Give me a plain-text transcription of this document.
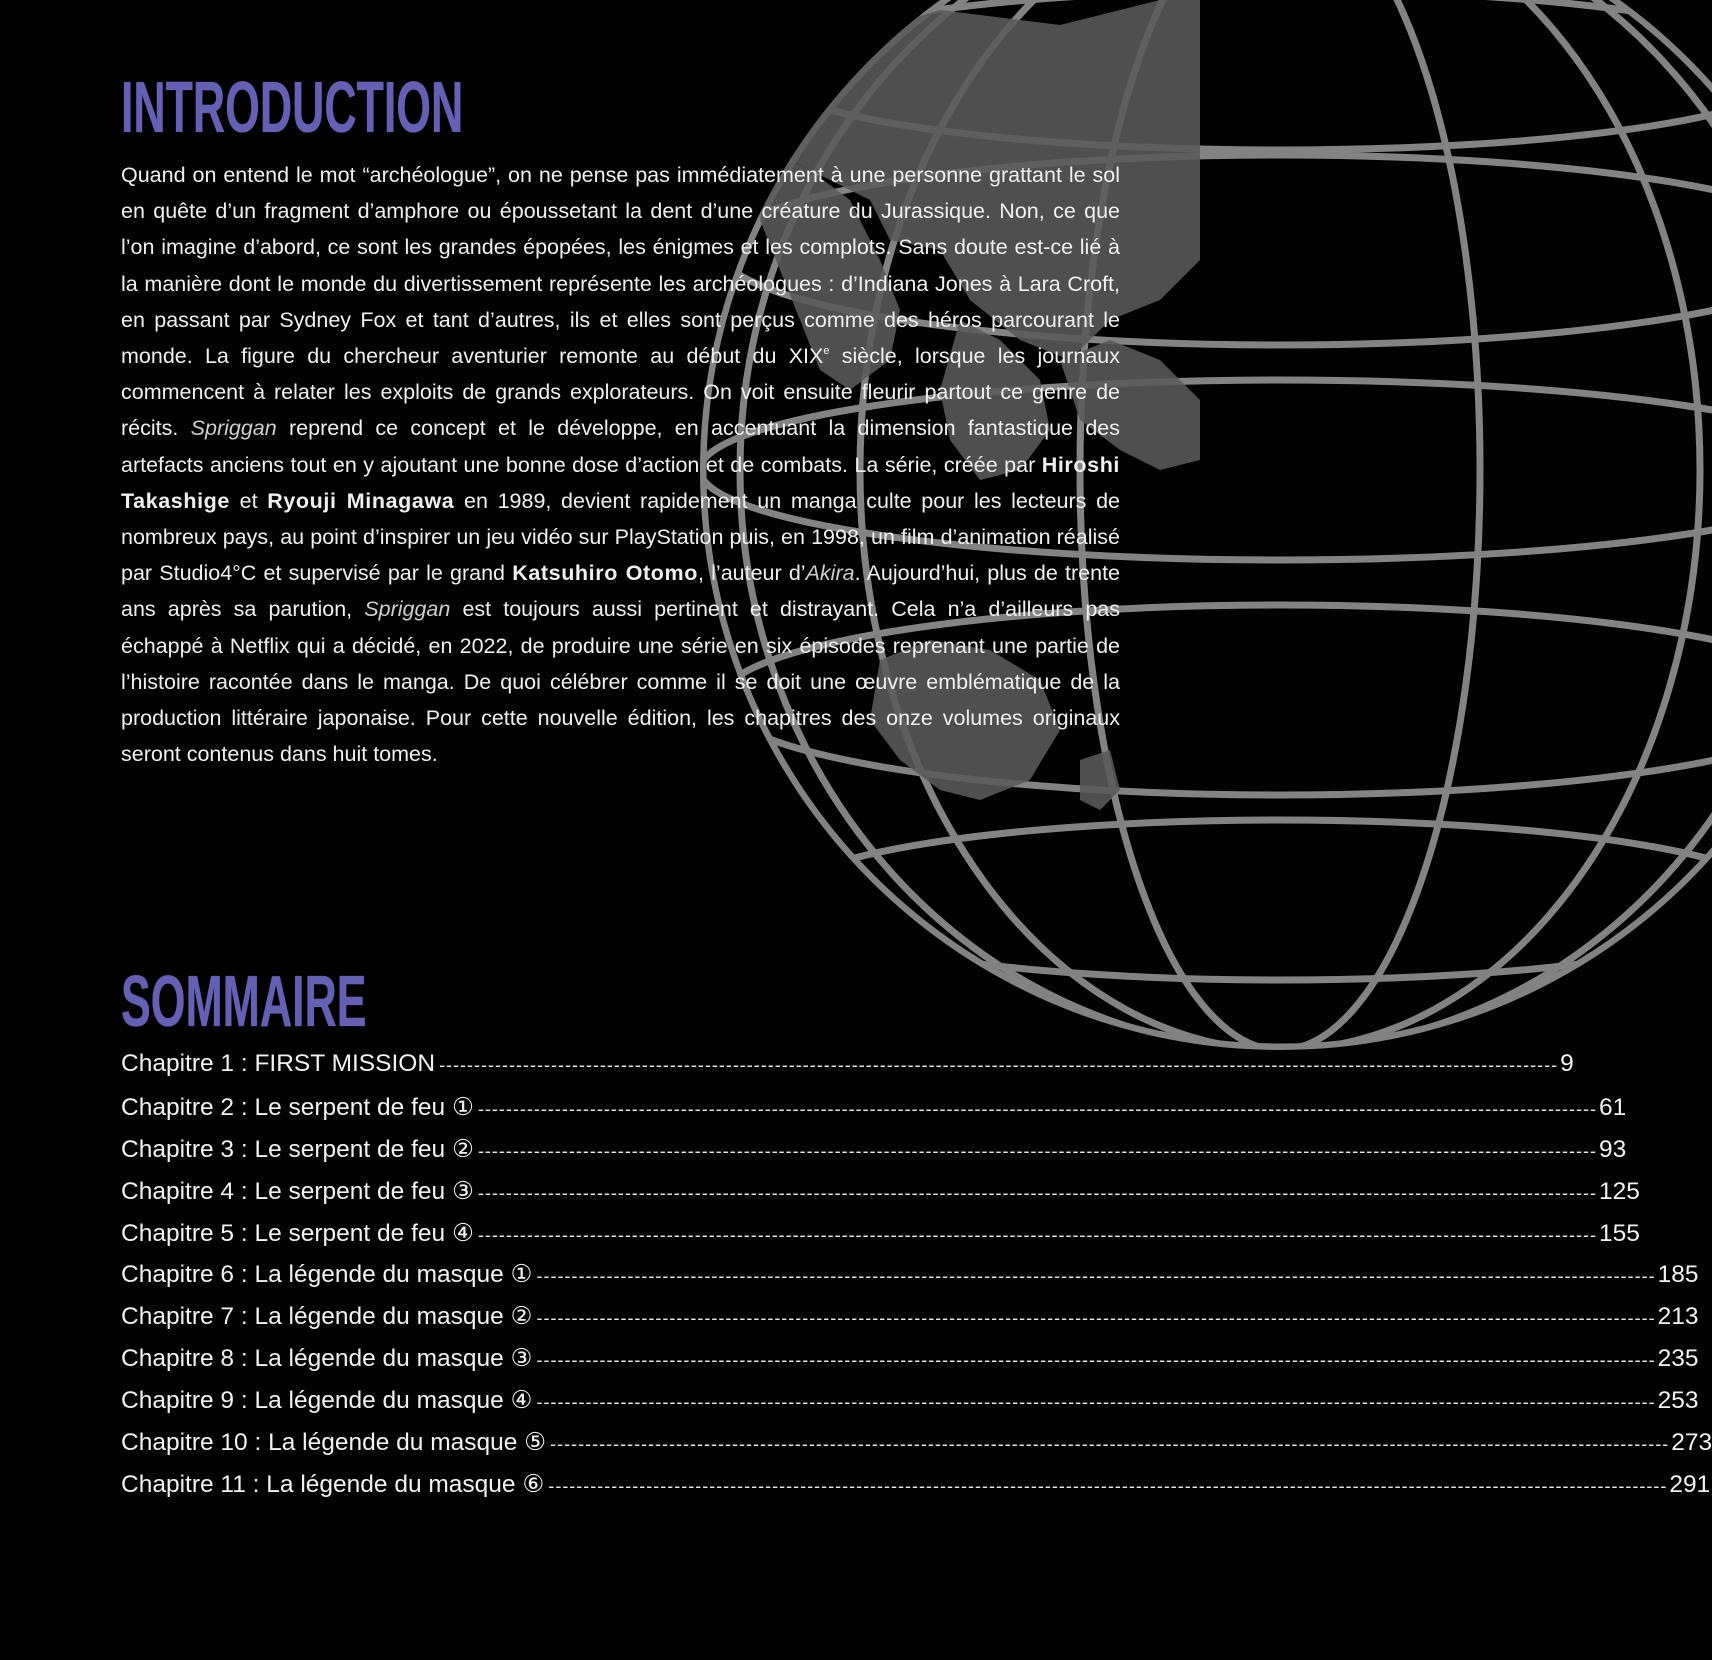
INTRODUCTION

Quand on entend le mot “archéologue”, on ne pense pas immédiatement à une personne grattant le sol en quête d’un fragment d’amphore ou époussetant la dent d’une créature du Jurassique. Non, ce que l’on imagine d’abord, ce sont les grandes épopées, les énigmes et les complots. Sans doute est-ce lié à la manière dont le monde du divertissement représente les archéologues : d’Indiana Jones à Lara Croft, en passant par Sydney Fox et tant d’autres, ils et elles sont perçus comme des héros parcourant le monde. La figure du chercheur aventurier remonte au début du XIXe siècle, lorsque les journaux commencent à relater les exploits de grands explorateurs. On voit ensuite fleurir partout ce genre de récits. Spriggan reprend ce concept et le développe, en accentuant la dimension fantastique des artefacts anciens tout en y ajoutant une bonne dose d’action et de combats. La série, créée par Hiroshi Takashige et Ryouji Minagawa en 1989, devient rapidement un manga culte pour les lecteurs de nombreux pays, au point d’inspirer un jeu vidéo sur PlayStation puis, en 1998, un film d’animation réalisé par Studio4°C et supervisé par le grand Katsuhiro Otomo, l’auteur d’Akira. Aujourd’hui, plus de trente ans après sa parution, Spriggan est toujours aussi pertinent et distrayant. Cela n’a d’ailleurs pas échappé à Netflix qui a décidé, en 2022, de produire une série en six épisodes reprenant une partie de l’histoire racontée dans le manga. De quoi célébrer comme il se doit une œuvre emblématique de la production littéraire japonaise. Pour cette nouvelle édition, les chapitres des onze volumes originaux seront contenus dans huit tomes.

SOMMAIRE
Chapitre 1 : FIRST MISSION ---------------------------------------------------------------------------------------------------------------------------------------------------------------- 9
Chapitre 2 : Le serpent de feu ① ---------------------------------------------------------------------------------------------------------------------------------------------------------------- 61
Chapitre 3 : Le serpent de feu ② ---------------------------------------------------------------------------------------------------------------------------------------------------------------- 93
Chapitre 4 : Le serpent de feu ③ ---------------------------------------------------------------------------------------------------------------------------------------------------------------- 125
Chapitre 5 : Le serpent de feu ④ ---------------------------------------------------------------------------------------------------------------------------------------------------------------- 155
Chapitre 6 : La légende du masque ① ---------------------------------------------------------------------------------------------------------------------------------------------------------------- 185
Chapitre 7 : La légende du masque ② ---------------------------------------------------------------------------------------------------------------------------------------------------------------- 213
Chapitre 8 : La légende du masque ③ ---------------------------------------------------------------------------------------------------------------------------------------------------------------- 235
Chapitre 9 : La légende du masque ④ ---------------------------------------------------------------------------------------------------------------------------------------------------------------- 253
Chapitre 10 : La légende du masque ⑤ ---------------------------------------------------------------------------------------------------------------------------------------------------------------- 273
Chapitre 11 : La légende du masque ⑥ ---------------------------------------------------------------------------------------------------------------------------------------------------------------- 291
